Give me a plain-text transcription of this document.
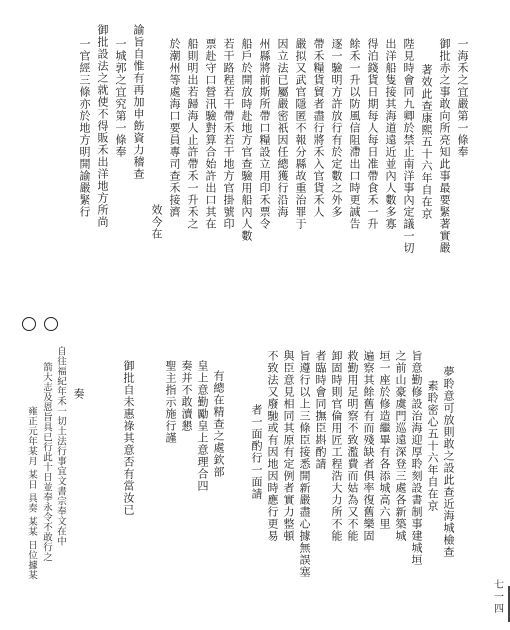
一海禾之宜嚴第一條奉
御批赤之事敢向所亮知此事最要緊著實嚴
著效此查康熙五十六年自在京
陛見時會同九卿於禁止南洋事內定議一切
出洋船隻接其海道遠近並內人數多寡
得泊錢貨日期每人每日准帶食禾一升
餘禾一升以防風信阻滯出口時更誠告
逐一驗明方許放行有於定數之外多
帶禾糧貨貿者盡行將禾入官貨禾人
嚴拟又武官隱匿不報分縣故重治罪于
因立法已屬嚴密祇因任總獲行沿海
州縣將前斯所帶口糧設立用印禾票令
船戶於開放時赴地方官查驗用船內人數
若干路程若干帶禾若干地方官掛號印
票赴守口營汛驗對算合始許出口其在
船則明出若歸海人止許帶禾一升禾之
於潮州等處海口要員專司查禾接濟
效今在
諭旨自惟有再加申飭資力稽查
一城郭之宜究第一條奉
御批設法之就使不得販禾出洋地方所尚
一官經三條亦於地方明開諭嚴緊行
夢聆意可放則敢之設此查近海城檢查
素聆密心五十六年自在京
旨意勤修設治海迎厚聆刻設書制事建城垣
之前山豪虞門巡遠深登三處各新築城
垣一座於修造繼畢有各添城高六里
遍察其餘舊有而殘缺者俱率復舊樂固
救勤用足明察不致濫費而姑為又不能
卸固時則官倫用匠工程浩大力所不能
者臨時會同撫臣斟酌請
旨遵行以上三條臣接悉開新嚴盡心據無誤塞
與臣意見相同其原有定例者實力整頓
不致法又廢馳或有因地因時應行更易
者一面酌行一面請
有總在精查之處欽部
皇上意勤勵皇上意理合四
奏并不敢瀆懇
聖主指示施行謹
御批自未惠祿其意否有當汝已
奏
自往福紀年禾一切土法行事宜文書宗奉文在中
箭大志及恩旨具已行此十日並奉永令不敢行之
雍正元年某月 某日 具奏 某某 日位據某
七一四
